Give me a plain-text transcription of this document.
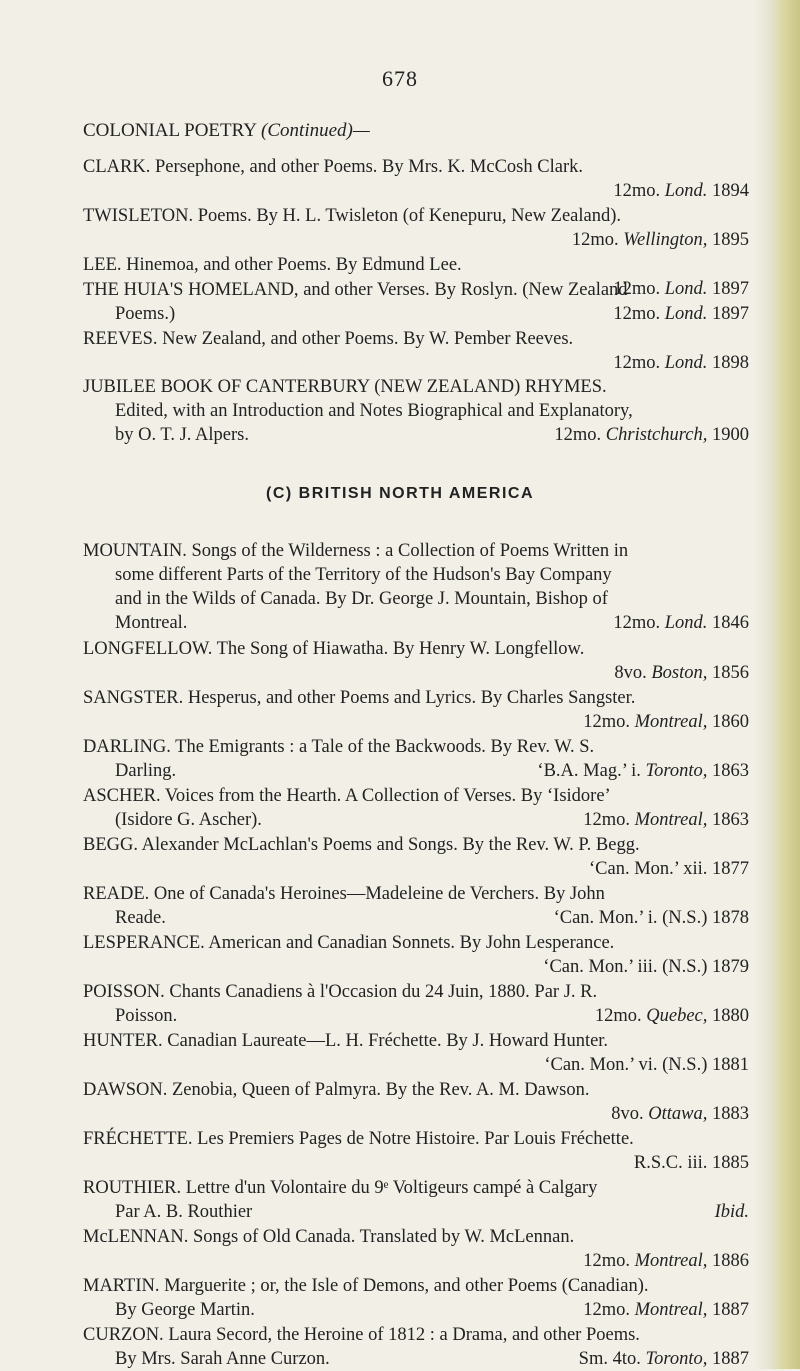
678
COLONIAL POETRY (Continued)—
CLARK. Persephone, and other Poems. By Mrs. K. McCosh Clark.
12mo. Lond. 1894
TWISLETON. Poems. By H. L. Twisleton (of Kenepuru, New Zealand).
12mo. Wellington, 1895
LEE. Hinemoa, and other Poems. By Edmund Lee.
12mo. Lond. 1897
THE HUIA'S HOMELAND, and other Verses. By Roslyn. (New Zealand
Poems.)	12mo. Lond. 1897
REEVES. New Zealand, and other Poems. By W. Pember Reeves.
12mo. Lond. 1898
JUBILEE BOOK OF CANTERBURY (NEW ZEALAND) RHYMES.
Edited, with an Introduction and Notes Biographical and Explanatory,
by O. T. J. Alpers.	12mo. Christchurch, 1900
(C) BRITISH NORTH AMERICA
MOUNTAIN. Songs of the Wilderness : a Collection of Poems Written in
some different Parts of the Territory of the Hudson's Bay Company
and in the Wilds of Canada. By Dr. George J. Mountain, Bishop of
Montreal.	12mo. Lond. 1846
LONGFELLOW. The Song of Hiawatha. By Henry W. Longfellow.
8vo. Boston, 1856
SANGSTER. Hesperus, and other Poems and Lyrics. By Charles Sangster.
12mo. Montreal, 1860
DARLING. The Emigrants : a Tale of the Backwoods. By Rev. W. S.
Darling.	‘B.A. Mag.’ i. Toronto, 1863
ASCHER. Voices from the Hearth. A Collection of Verses. By ‘Isidore’
(Isidore G. Ascher).	12mo. Montreal, 1863
BEGG. Alexander McLachlan's Poems and Songs. By the Rev. W. P. Begg.
‘Can. Mon.’ xii. 1877
READE. One of Canada's Heroines—Madeleine de Verchers. By John
Reade.	‘Can. Mon.’ i. (N.S.) 1878
LESPERANCE. American and Canadian Sonnets. By John Lesperance.
‘Can. Mon.’ iii. (N.S.) 1879
POISSON. Chants Canadiens à l'Occasion du 24 Juin, 1880. Par J. R.
Poisson.	12mo. Quebec, 1880
HUNTER. Canadian Laureate—L. H. Fréchette. By J. Howard Hunter.
‘Can. Mon.’ vi. (N.S.) 1881
DAWSON. Zenobia, Queen of Palmyra. By the Rev. A. M. Dawson.
8vo. Ottawa, 1883
FRÉCHETTE. Les Premiers Pages de Notre Histoire. Par Louis Fréchette.
R.S.C. iii. 1885
ROUTHIER. Lettre d'un Volontaire du 9ᵉ Voltigeurs campé à Calgary
Par A. B. Routhier	Ibid.
McLENNAN. Songs of Old Canada. Translated by W. McLennan.
12mo. Montreal, 1886
MARTIN. Marguerite ; or, the Isle of Demons, and other Poems (Canadian).
By George Martin.	12mo. Montreal, 1887
CURZON. Laura Secord, the Heroine of 1812 : a Drama, and other Poems.
By Mrs. Sarah Anne Curzon.	Sm. 4to. Toronto, 1887
